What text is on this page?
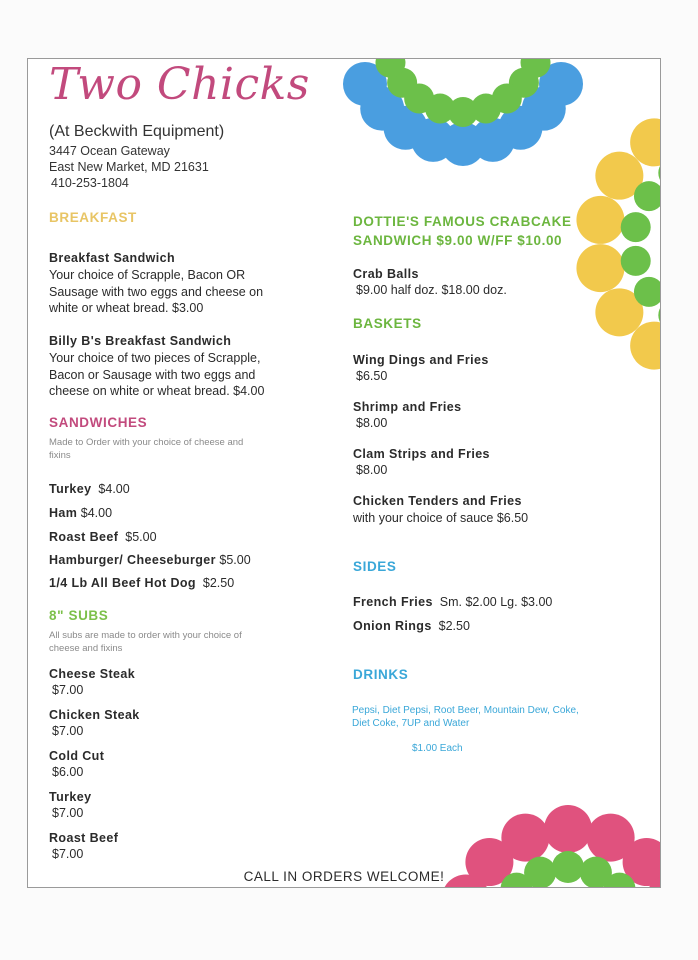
Two Chicks
(At Beckwith Equipment)
3447 Ocean Gateway
East New Market, MD 21631
410-253-1804
BREAKFAST
Breakfast Sandwich
Your choice of Scrapple, Bacon OR
Sausage with two eggs and cheese on
white or wheat bread. $3.00
Billy B's Breakfast Sandwich
Your choice of two pieces of Scrapple,
Bacon or Sausage with two eggs and
cheese on white or wheat bread. $4.00
SANDWICHES
Made to Order with your choice of cheese and
fixins
Turkey $4.00
Ham $4.00
Roast Beef $5.00
Hamburger/ Cheeseburger $5.00
1/4 Lb All Beef Hot Dog $2.50
8" SUBS
All subs are made to order with your choice of
cheese and fixins
Cheese Steak
$7.00
Chicken Steak
$7.00
Cold Cut
$6.00
Turkey
$7.00
Roast Beef
$7.00
DOTTIE'S FAMOUS CRABCAKE
SANDWICH $9.00 W/FF $10.00
Crab Balls
$9.00 half doz. $18.00 doz.
BASKETS
Wing Dings and Fries
$6.50
Shrimp and Fries
$8.00
Clam Strips and Fries
$8.00
Chicken Tenders and Fries
with your choice of sauce $6.50
SIDES
French Fries Sm. $2.00 Lg. $3.00
Onion Rings $2.50
DRINKS
Pepsi, Diet Pepsi, Root Beer, Mountain Dew, Coke,
Diet Coke, 7UP and Water
$1.00 Each
CALL IN ORDERS WELCOME!
